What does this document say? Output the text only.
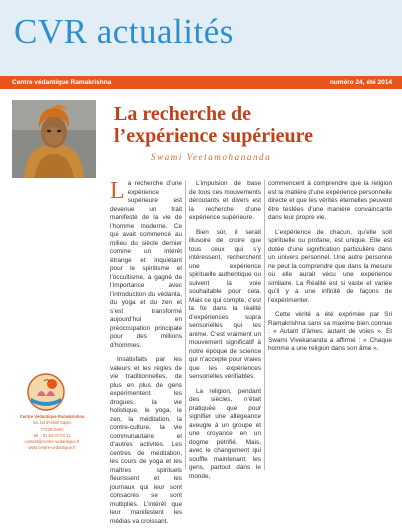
CVR actualités
Centre védantique Ramakrishna	numéro 24, été 2014
La recherche de
l’expérience supérieure
Swami Veetamohananda
Centre Védantique Ramakrishna
64, bd d'Hôtel Sapin
77220 Gretz
tél. : 01 64 07 03 11
contact@centre-vedantique.fr
www.centre-vedantique.fr

La recherche d’une expérience supérieure est devenue un trait manifeste de la vie de l’homme moderne. Ce qui avait commencé au milieu du siècle dernier comme un intérêt étrange et inquiétant pour le spiritisme et l’occultisme, a gagné de l’importance avec l’introduction du védanta, du yoga et du zen et s’est transformé aujourd’hui en préoccupation principale pour des millions d’hommes.

Insatisfaits par les valeurs et les règles de vie traditionnelles, de plus en plus de gens expérimentent les drogues, la vie holistique, le yoga, le zen, la méditation, la contre-culture, la vie communautaire et d’autres activités. Les centres de méditation, les cours de yoga et les maîtres spirituels fleurissent et les journaux qui leur sont consacrés se sont multipliés. L’intérêt que leur manifestent les médias va croissant.

L’impulsion de base de tous ces mouvements déroutants et divers est la recherche d’une expérience supérieure.

Bien sûr, il serait illusoire de croire que tous ceux qui s’y intéressent, recherchent une expérience spirituelle authentique ou suivent la voie souhaitable pour cela. Mais ce qui compte, c’est la foi dans la réalité d’expériences supra sensorielles qui les anime. C’est vraiment un mouvement significatif à notre époque de science qui n’accepte pour vraies que les expériences sensorielles vérifiables.

La religion, pendant des siècles, n’était pratiquée que pour signifier une allégeance aveugle à un groupe et une croyance en un dogme pétrifié. Mais, avec le changement qui souffle maintenant, les gens, partout dans le monde,

commencent à comprendre que la religion est la matière d’une expérience personnelle directe et que les vérités éternelles peuvent être testées d’une manière convaincante dans leur propre vie.

L’expérience de chacun, qu’elle soit spirituelle ou profane, est unique. Elle est dotée d’une signification particulière dans un univers personnel. Une autre personne ne peut la comprendre que dans la mesure où elle aurait vécu une expérience similaire. La Réalité est si vaste et variée qu’il y a une infinité de façons de l’expérimenter.

Cette vérité a été exprimée par Sri Ramakrishna sans sa maxime bien connue : « Autant d’âmes, autant de voies ». Et Swami Vivekananda a affirmé : « Chaque homme a une religion dans son âme ».
